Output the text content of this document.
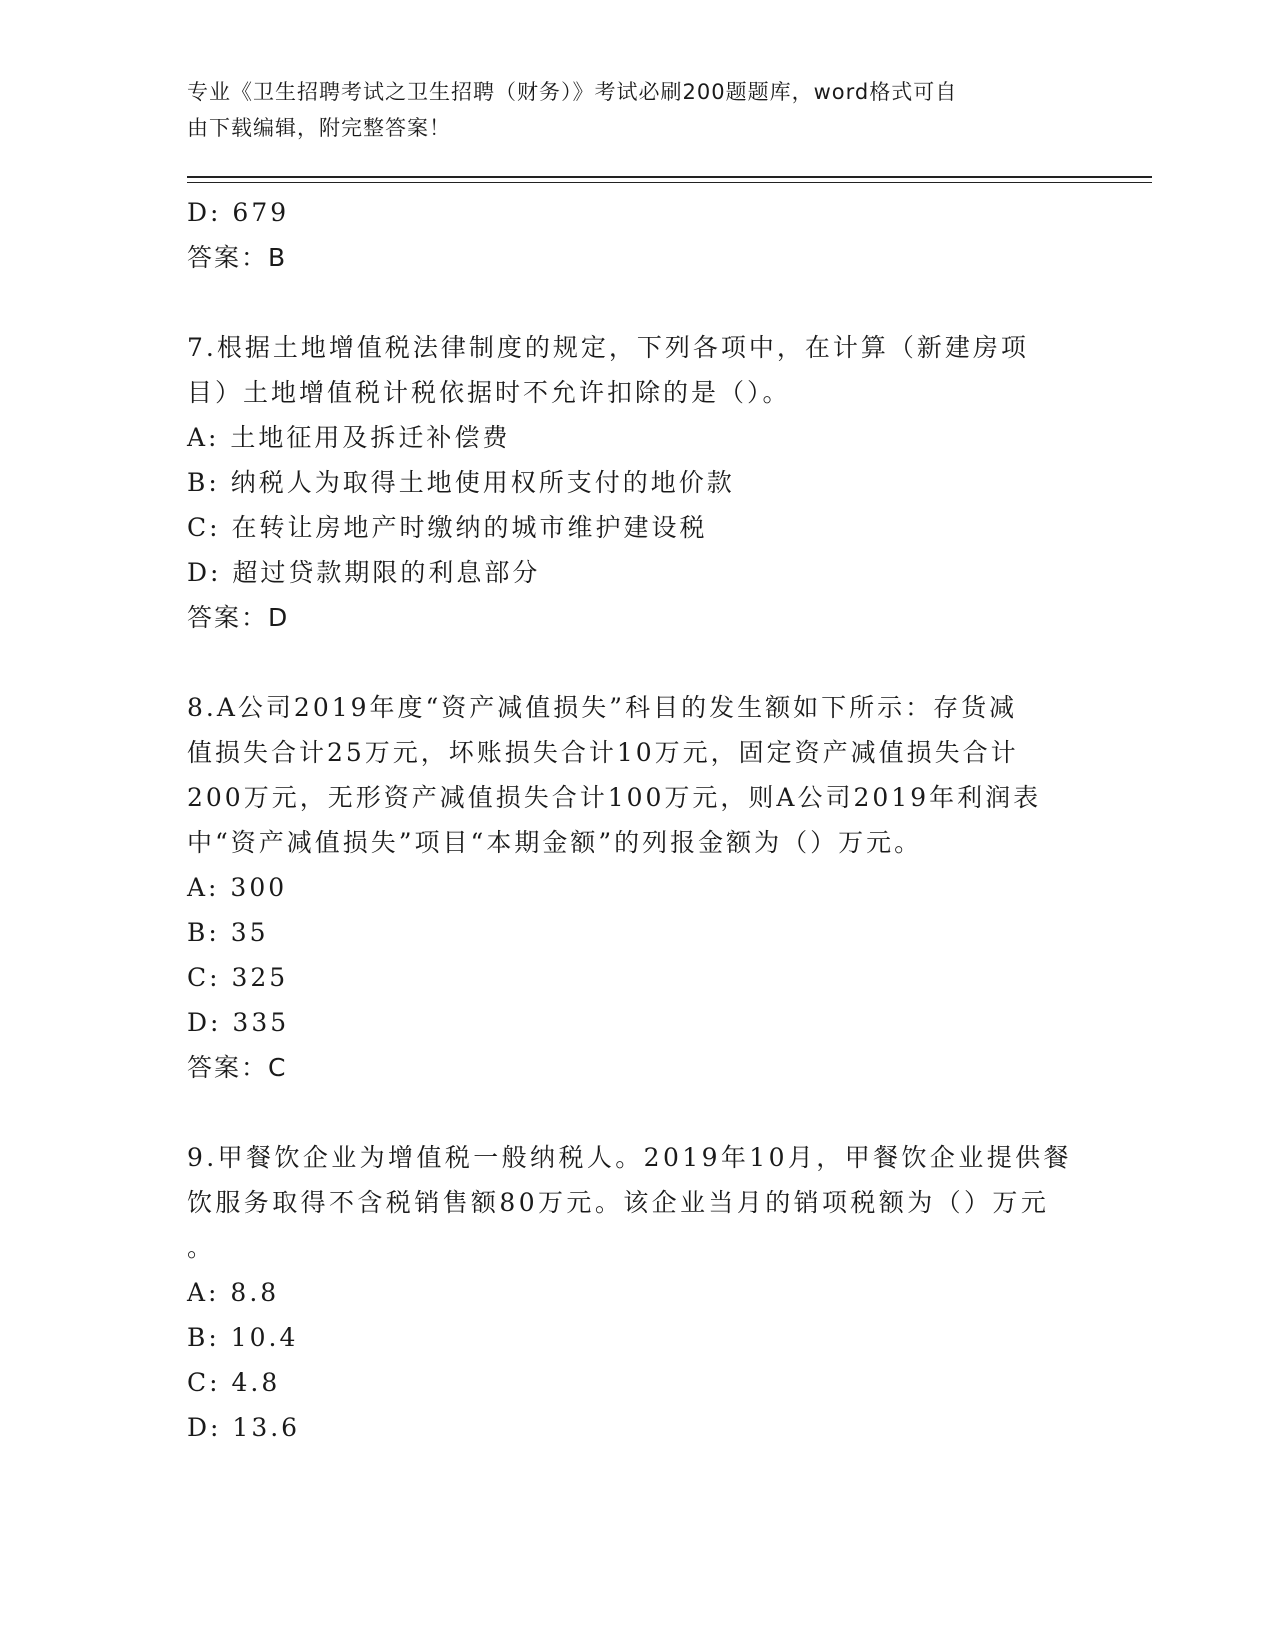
专业《卫生招聘考试之卫生招聘（财务）》考试必刷200题题库，word格式可自
由下载编辑，附完整答案！
D: 679
答案：B
7.根据土地增值税法律制度的规定，下列各项中，在计算（新建房项
目）土地增值税计税依据时不允许扣除的是（）。
A: 土地征用及拆迁补偿费
B: 纳税人为取得土地使用权所支付的地价款
C: 在转让房地产时缴纳的城市维护建设税
D: 超过贷款期限的利息部分
答案：D
8.A公司2019年度“资产减值损失”科目的发生额如下所示：存货减
值损失合计25万元，坏账损失合计10万元，固定资产减值损失合计
200万元，无形资产减值损失合计100万元，则A公司2019年利润表
中“资产减值损失”项目“本期金额”的列报金额为（）万元。
A: 300
B: 35
C: 325
D: 335
答案：C
9.甲餐饮企业为增值税一般纳税人。2019年10月，甲餐饮企业提供餐
饮服务取得不含税销售额80万元。该企业当月的销项税额为（）万元
。
A: 8.8
B: 10.4
C: 4.8
D: 13.6
